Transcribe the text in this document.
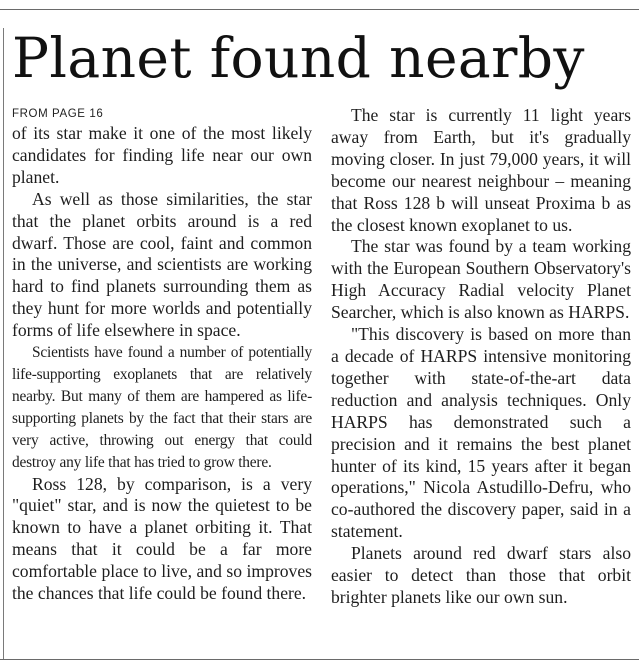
Planet found nearby
FROM PAGE 16

of its star make it one of the most likely candidates for finding life near our own planet.

As well as those similarities, the star that the planet orbits around is a red dwarf. Those are cool, faint and common in the universe, and scientists are working hard to find planets surrounding them as they hunt for more worlds and potentially forms of life elsewhere in space.

Scientists have found a number of potentially life-supporting exoplanets that are relatively nearby. But many of them are hampered as life-supporting planets by the fact that their stars are very active, throwing out energy that could destroy any life that has tried to grow there.

Ross 128, by comparison, is a very "quiet" star, and is now the quietest to be known to have a planet orbiting it. That means that it could be a far more comfortable place to live, and so improves the chances that life could be found there.

The star is currently 11 light years away from Earth, but it's gradually moving closer. In just 79,000 years, it will become our nearest neighbour – meaning that Ross 128 b will unseat Proxima b as the closest known exoplanet to us.

The star was found by a team working with the European Southern Observatory's High Accuracy Radial velocity Planet Searcher, which is also known as HARPS.

"This discovery is based on more than a decade of HARPS intensive monitoring together with state-of-the-art data reduction and analysis techniques. Only HARPS has demonstrated such a precision and it remains the best planet hunter of its kind, 15 years after it began operations," Nicola Astudillo-Defru, who co-authored the discovery paper, said in a statement.

Planets around red dwarf stars also easier to detect than those that orbit brighter planets like our own sun.
